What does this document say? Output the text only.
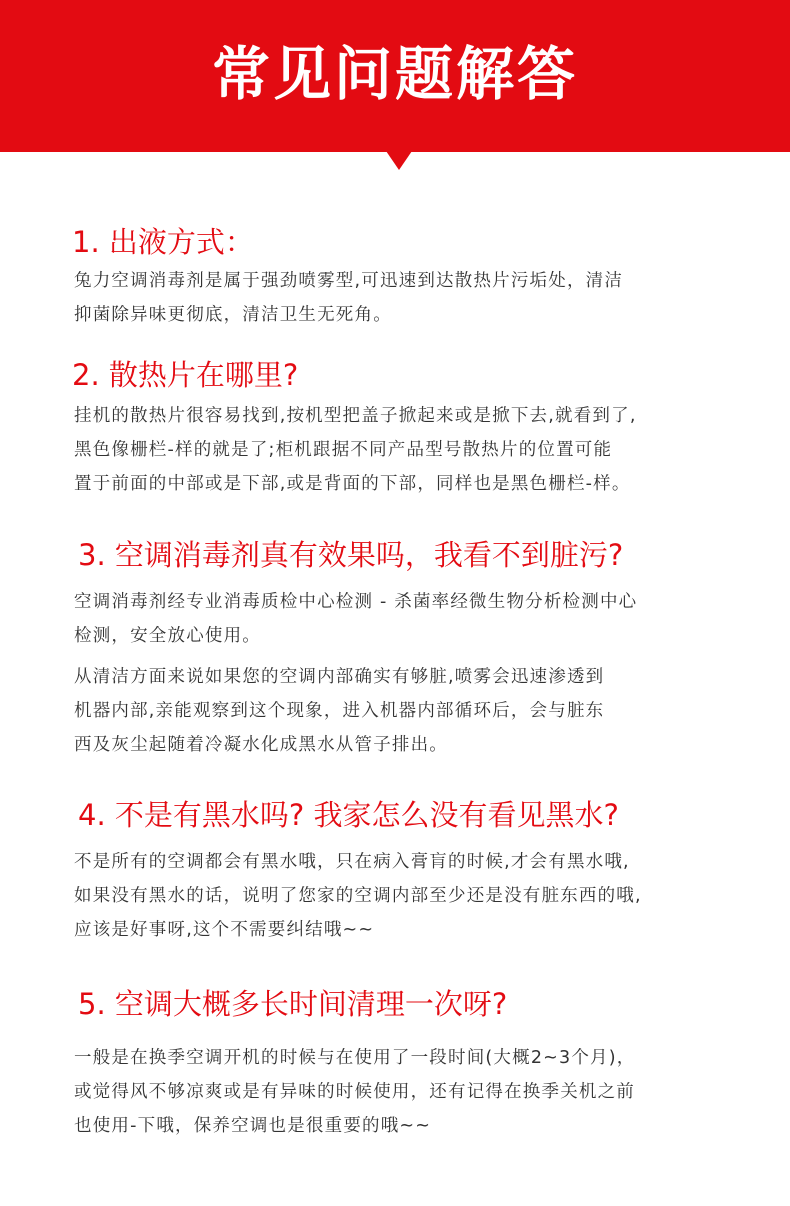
常见问题解答
1. 出液方式：

兔力空调消毒剂是属于强劲喷雾型,可迅速到达散热片污垢处，清洁
抑菌除异味更彻底，清洁卫生无死角。

2. 散热片在哪里?

挂机的散热片很容易找到,按机型把盖子掀起来或是掀下去,就看到了,
黑色像栅栏-样的就是了;柜机跟据不同产品型号散热片的位置可能
置于前面的中部或是下部,或是背面的下部，同样也是黑色栅栏-样。

3. 空调消毒剂真有效果吗，我看不到脏污?

空调消毒剂经专业消毒质检中心检测 - 杀菌率经微生物分析检测中心
检测，安全放心使用。

从清洁方面来说如果您的空调内部确实有够脏,喷雾会迅速渗透到
机器内部,亲能观察到这个现象，进入机器内部循环后，会与脏东
西及灰尘起随着冷凝水化成黑水从管子排出。

4. 不是有黑水吗? 我家怎么没有看见黑水?

不是所有的空调都会有黑水哦，只在病入膏肓的时候,才会有黑水哦,
如果没有黑水的话，说明了您家的空调内部至少还是没有脏东西的哦,
应该是好事呀,这个不需要纠结哦~~

5. 空调大概多长时间清理一次呀?

一般是在换季空调开机的时候与在使用了一段时间(大概2~3个月)，
或觉得风不够凉爽或是有异味的时候使用，还有记得在换季关机之前
也使用-下哦，保养空调也是很重要的哦~~
